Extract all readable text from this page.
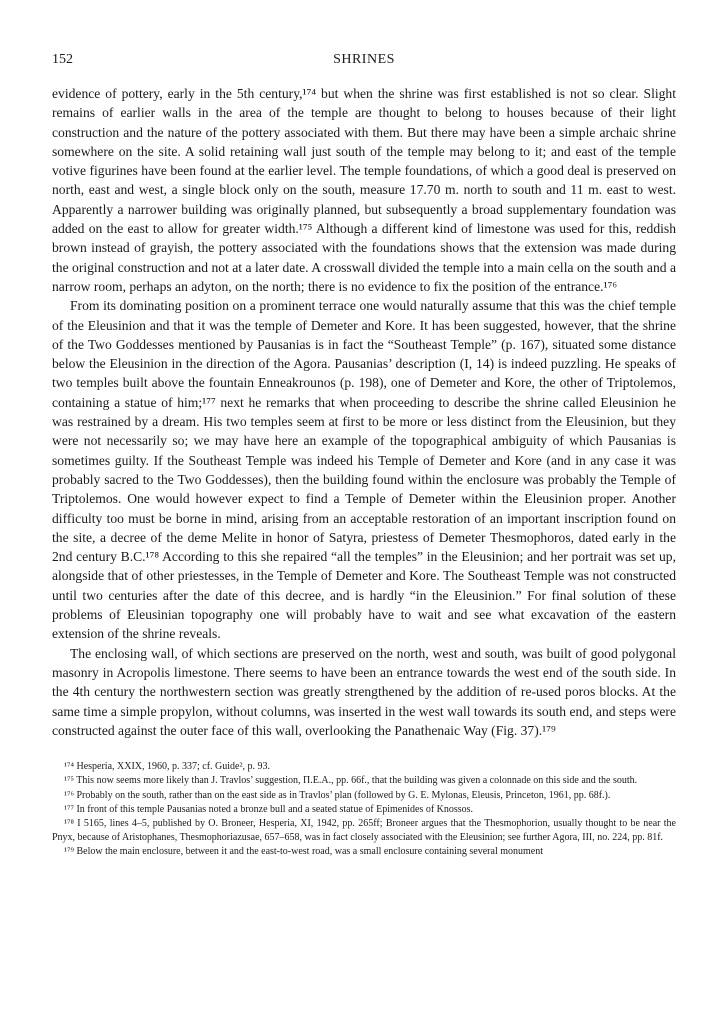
152	SHRINES

evidence of pottery, early in the 5th century,¹⁷⁴ but when the shrine was first established is not so clear. Slight remains of earlier walls in the area of the temple are thought to belong to houses because of their light construction and the nature of the pottery associated with them. But there may have been a simple archaic shrine somewhere on the site. A solid retaining wall just south of the temple may belong to it; and east of the temple votive figurines have been found at the earlier level. The temple foundations, of which a good deal is preserved on north, east and west, a single block only on the south, measure 17.70 m. north to south and 11 m. east to west. Apparently a narrower building was originally planned, but subsequently a broad supplementary foundation was added on the east to allow for greater width.¹⁷⁵ Although a different kind of limestone was used for this, reddish brown instead of grayish, the pottery associated with the foundations shows that the extension was made during the original construction and not at a later date. A crosswall divided the temple into a main cella on the south and a narrow room, perhaps an adyton, on the north; there is no evidence to fix the position of the entrance.¹⁷⁶

From its dominating position on a prominent terrace one would naturally assume that this was the chief temple of the Eleusinion and that it was the temple of Demeter and Kore. It has been suggested, however, that the shrine of the Two Goddesses mentioned by Pausanias is in fact the “Southeast Temple” (p. 167), situated some distance below the Eleusinion in the direction of the Agora. Pausanias’ description (I, 14) is indeed puzzling. He speaks of two temples built above the fountain Enneakrounos (p. 198), one of Demeter and Kore, the other of Triptolemos, containing a statue of him;¹⁷⁷ next he remarks that when proceeding to describe the shrine called Eleusinion he was restrained by a dream. His two temples seem at first to be more or less distinct from the Eleusinion, but they were not necessarily so; we may have here an example of the topographical ambiguity of which Pausanias is sometimes guilty. If the Southeast Temple was indeed his Temple of Demeter and Kore (and in any case it was probably sacred to the Two Goddesses), then the building found within the enclosure was probably the Temple of Triptolemos. One would however expect to find a Temple of Demeter within the Eleusinion proper. Another difficulty too must be borne in mind, arising from an acceptable restoration of an important inscription found on the site, a decree of the deme Melite in honor of Satyra, priestess of Demeter Thesmophoros, dated early in the 2nd century B.C.¹⁷⁸ According to this she repaired “all the temples” in the Eleusinion; and her portrait was set up, alongside that of other priestesses, in the Temple of Demeter and Kore. The Southeast Temple was not constructed until two centuries after the date of this decree, and is hardly “in the Eleusinion.” For final solution of these problems of Eleusinian topography one will probably have to wait and see what excavation of the eastern extension of the shrine reveals.

The enclosing wall, of which sections are preserved on the north, west and south, was built of good polygonal masonry in Acropolis limestone. There seems to have been an entrance towards the west end of the south side. In the 4th century the northwestern section was greatly strengthened by the addition of re-used poros blocks. At the same time a simple propylon, without columns, was inserted in the west wall towards its south end, and steps were constructed against the outer face of this wall, overlooking the Panathenaic Way (Fig. 37).¹⁷⁹

¹⁷⁴ Hesperia, XXIX, 1960, p. 337; cf. Guide², p. 93.

¹⁷⁵ This now seems more likely than J. Travlos’ suggestion, Π.Ε.Α., pp. 66f., that the building was given a colonnade on this side and the south.

¹⁷⁶ Probably on the south, rather than on the east side as in Travlos’ plan (followed by G. E. Mylonas, Eleusis, Princeton, 1961, pp. 68f.).

¹⁷⁷ In front of this temple Pausanias noted a bronze bull and a seated statue of Epimenides of Knossos.

¹⁷⁸ I 5165, lines 4–5, published by O. Broneer, Hesperia, XI, 1942, pp. 265ff; Broneer argues that the Thesmophorion, usually thought to be near the Pnyx, because of Aristophanes, Thesmophoriazusae, 657–658, was in fact closely associated with the Eleusinion; see further Agora, III, no. 224, pp. 81f.

¹⁷⁹ Below the main enclosure, between it and the east-to-west road, was a small enclosure containing several monument
